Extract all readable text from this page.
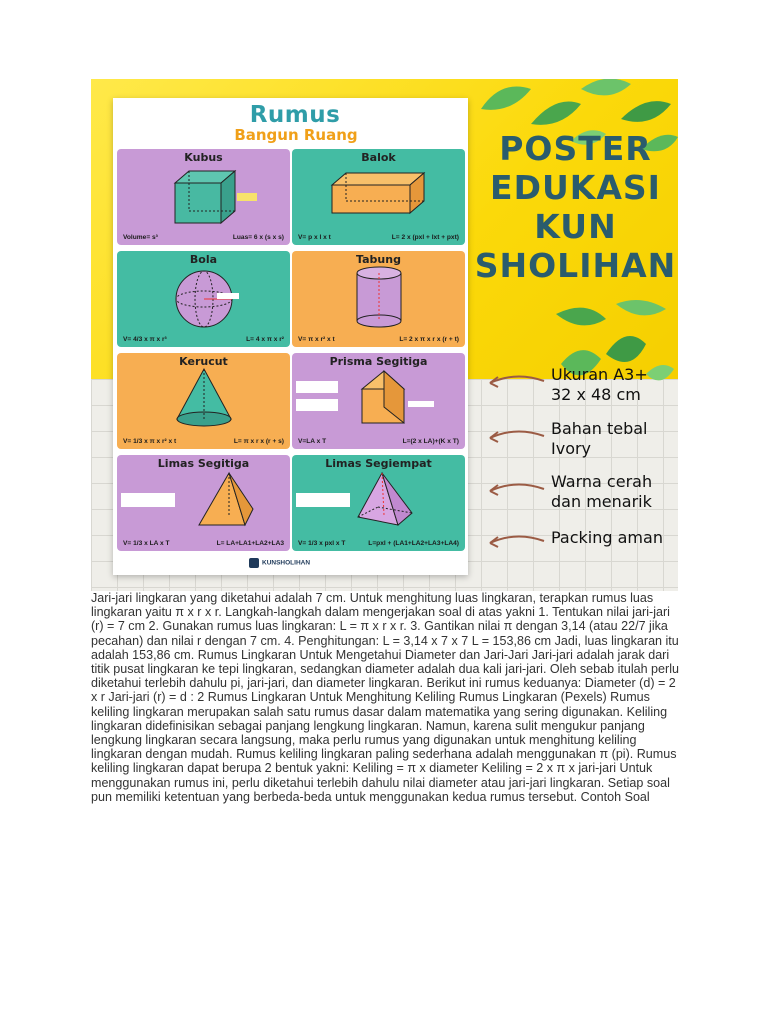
Rumus
Bangun Ruang
Kubus
Volume= s³	Luas= 6 x (s x s)
Balok
V= p x l x t	L= 2 x (pxl + lxt + pxt)
Bola
V= 4/3 x π x r³	L= 4 x π x r²
Tabung
V= π x r² x t	L= 2 x π x r x (r + t)
Kerucut
V= 1/3 x π x r² x t	L= π x r x (r + s)
Prisma Segitiga
V=LA x T	L=(2 x LA)+(K x T)
Limas Segitiga
V= 1/3 x LA x T	L= LA+LA1+LA2+LA3
Limas Segiempat
V= 1/3 x pxl x T	L=pxl + (LA1+LA2+LA3+LA4)
KUNSHOLIHAN
POSTER
EDUKASI
KUN
SHOLIHAN
Ukuran A3+
32 x 48 cm
Bahan tebal
Ivory
Warna cerah
dan menarik
Packing aman

Jari-jari lingkaran yang diketahui adalah 7 cm. Untuk menghitung luas lingkaran, terapkan rumus luas lingkaran yaitu π x r x r. Langkah-langkah dalam mengerjakan soal di atas yakni 1. Tentukan nilai jari-jari (r) = 7 cm 2. Gunakan rumus luas lingkaran: L = π x r x r. 3. Gantikan nilai π dengan 3,14 (atau 22/7 jika pecahan) dan nilai r dengan 7 cm. 4. Penghitungan: L = 3,14 x 7 x 7 L = 153,86 cm Jadi, luas lingkaran itu adalah 153,86 cm. Rumus Lingkaran Untuk Mengetahui Diameter dan Jari-Jari Jari-jari adalah jarak dari titik pusat lingkaran ke tepi lingkaran, sedangkan diameter adalah dua kali jari-jari. Oleh sebab itulah perlu diketahui terlebih dahulu pi, jari-jari, dan diameter lingkaran. Berikut ini rumus keduanya: Diameter (d) = 2 x r Jari-jari (r) = d : 2 Rumus Lingkaran Untuk Menghitung Keliling Rumus Lingkaran (Pexels) Rumus keliling lingkaran merupakan salah satu rumus dasar dalam matematika yang sering digunakan. Keliling lingkaran didefinisikan sebagai panjang lengkung lingkaran. Namun, karena sulit mengukur panjang lengkung lingkaran secara langsung, maka perlu rumus yang digunakan untuk menghitung keliling lingkaran dengan mudah. Rumus keliling lingkaran paling sederhana adalah menggunakan π (pi). Rumus keliling lingkaran dapat berupa 2 bentuk yakni: Keliling = π x diameter Keliling = 2 x π x jari-jari Untuk menggunakan rumus ini, perlu diketahui terlebih dahulu nilai diameter atau jari-jari lingkaran. Setiap soal pun memiliki ketentuan yang berbeda-beda untuk menggunakan kedua rumus tersebut. Contoh Soal
